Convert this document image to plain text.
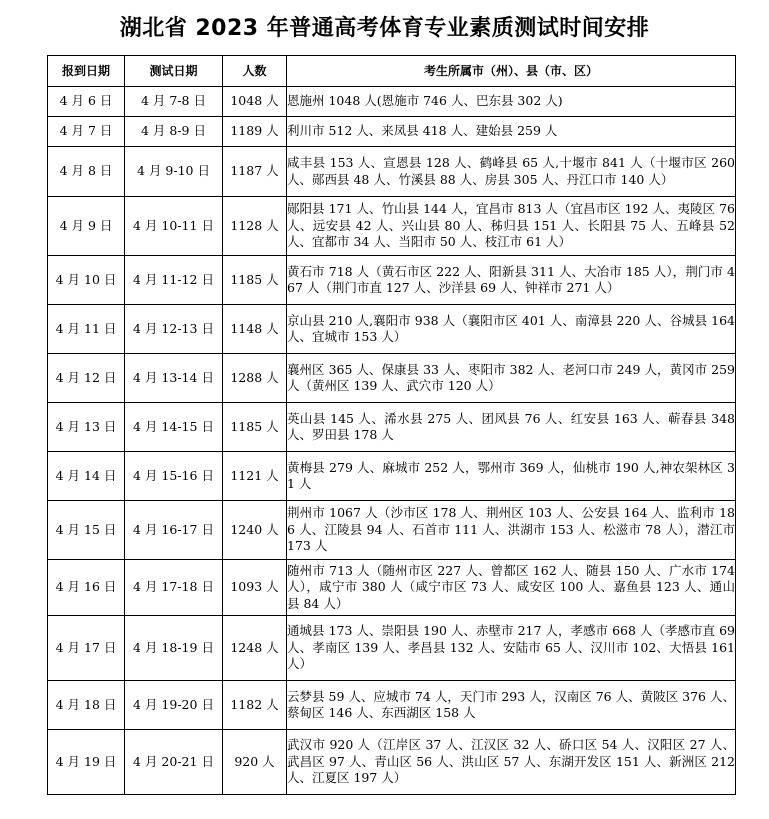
湖北省 2023 年普通高考体育专业素质测试时间安排
报到日期	测试日期	人数	考生所属市（州）、县（市、区）
4 月 6 日	4 月 7-8 日	1048 人	恩施州 1048 人(恩施市 746 人、巴东县 302 人)
4 月 7 日	4 月 8-9 日	1189 人	利川市 512 人、来凤县 418 人、建始县 259 人
4 月 8 日	4 月 9-10 日	1187 人	咸丰县 153 人、宣恩县 128 人、鹤峰县 65 人,十堰市 841 人（十堰市区 260 人、郧西县 48 人、竹溪县 88 人、房县 305 人、丹江口市 140 人）
4 月 9 日	4 月 10-11 日	1128 人	郧阳县 171 人、竹山县 144 人，宜昌市 813 人（宜昌市区 192 人、夷陵区 76 人、远安县 42 人、兴山县 80 人、秭归县 151 人、长阳县 75 人、五峰县 52 人、宜都市 34 人、当阳市 50 人、枝江市 61 人）
4 月 10 日	4 月 11-12 日	1185 人	黄石市 718 人（黄石市区 222 人、阳新县 311 人、大冶市 185 人），荆门市 467 人（荆门市直 127 人、沙洋县 69 人、钟祥市 271 人）
4 月 11 日	4 月 12-13 日	1148 人	京山县 210 人,襄阳市 938 人（襄阳市区 401 人、南漳县 220 人、谷城县 164 人、宜城市 153 人）
4 月 12 日	4 月 13-14 日	1288 人	襄州区 365 人、保康县 33 人、枣阳市 382 人、老河口市 249 人，黄冈市 259 人（黄州区 139 人、武穴市 120 人）
4 月 13 日	4 月 14-15 日	1185 人	英山县 145 人、浠水县 275 人、团风县 76 人、红安县 163 人、蕲春县 348 人、罗田县 178 人
4 月 14 日	4 月 15-16 日	1121 人	黄梅县 279 人、麻城市 252 人，鄂州市 369 人，仙桃市 190 人,神农架林区 31 人
4 月 15 日	4 月 16-17 日	1240 人	荆州市 1067 人（沙市区 178 人、荆州区 103 人、公安县 164 人、监利市 186 人、江陵县 94 人、石首市 111 人、洪湖市 153 人、松滋市 78 人），潜江市 173 人
4 月 16 日	4 月 17-18 日	1093 人	随州市 713 人（随州市区 227 人、曾都区 162 人、随县 150 人、广水市 174 人），咸宁市 380 人（咸宁市区 73 人、咸安区 100 人、嘉鱼县 123 人、通山县 84 人）
4 月 17 日	4 月 18-19 日	1248 人	通城县 173 人、崇阳县 190 人、赤壁市 217 人，孝感市 668 人（孝感市直 69 人、孝南区 139 人、孝昌县 132 人、安陆市 65 人、汉川市 102、大悟县 161 人）
4 月 18 日	4 月 19-20 日	1182 人	云梦县 59 人、应城市 74 人，天门市 293 人，汉南区 76 人、黄陂区 376 人、蔡甸区 146 人、东西湖区 158 人
4 月 19 日	4 月 20-21 日	920 人	武汉市 920 人（江岸区 37 人、江汉区 32 人、硚口区 54 人、汉阳区 27 人、武昌区 97 人、青山区 56 人、洪山区 57 人、东湖开发区 151 人、新洲区 212 人、江夏区 197 人）
